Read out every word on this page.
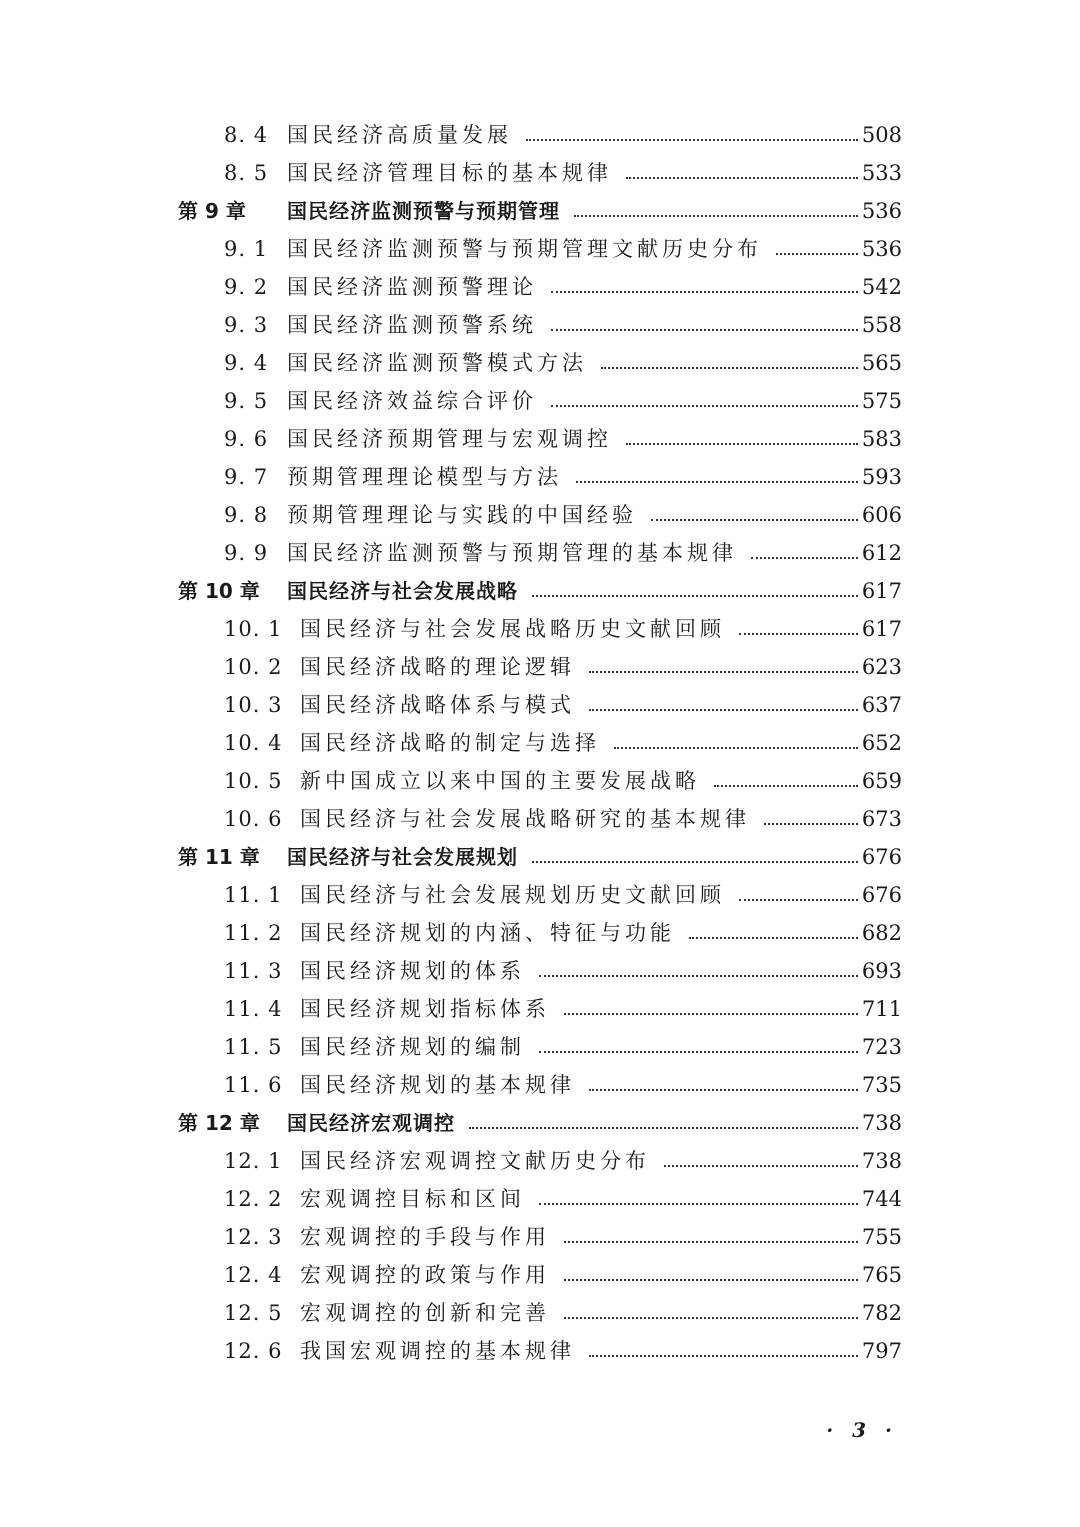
8. 4 国民经济高质量发展	508
8. 5 国民经济管理目标的基本规律	533
第 9 章 国民经济监测预警与预期管理	536
9. 1 国民经济监测预警与预期管理文献历史分布	536
9. 2 国民经济监测预警理论	542
9. 3 国民经济监测预警系统	558
9. 4 国民经济监测预警模式方法	565
9. 5 国民经济效益综合评价	575
9. 6 国民经济预期管理与宏观调控	583
9. 7 预期管理理论模型与方法	593
9. 8 预期管理理论与实践的中国经验	606
9. 9 国民经济监测预警与预期管理的基本规律	612
第 10 章 国民经济与社会发展战略	617
10. 1 国民经济与社会发展战略历史文献回顾	617
10. 2 国民经济战略的理论逻辑	623
10. 3 国民经济战略体系与模式	637
10. 4 国民经济战略的制定与选择	652
10. 5 新中国成立以来中国的主要发展战略	659
10. 6 国民经济与社会发展战略研究的基本规律	673
第 11 章 国民经济与社会发展规划	676
11. 1 国民经济与社会发展规划历史文献回顾	676
11. 2 国民经济规划的内涵、特征与功能	682
11. 3 国民经济规划的体系	693
11. 4 国民经济规划指标体系	711
11. 5 国民经济规划的编制	723
11. 6 国民经济规划的基本规律	735
第 12 章 国民经济宏观调控	738
12. 1 国民经济宏观调控文献历史分布	738
12. 2 宏观调控目标和区间	744
12. 3 宏观调控的手段与作用	755
12. 4 宏观调控的政策与作用	765
12. 5 宏观调控的创新和完善	782
12. 6 我国宏观调控的基本规律	797
· 3 ·
